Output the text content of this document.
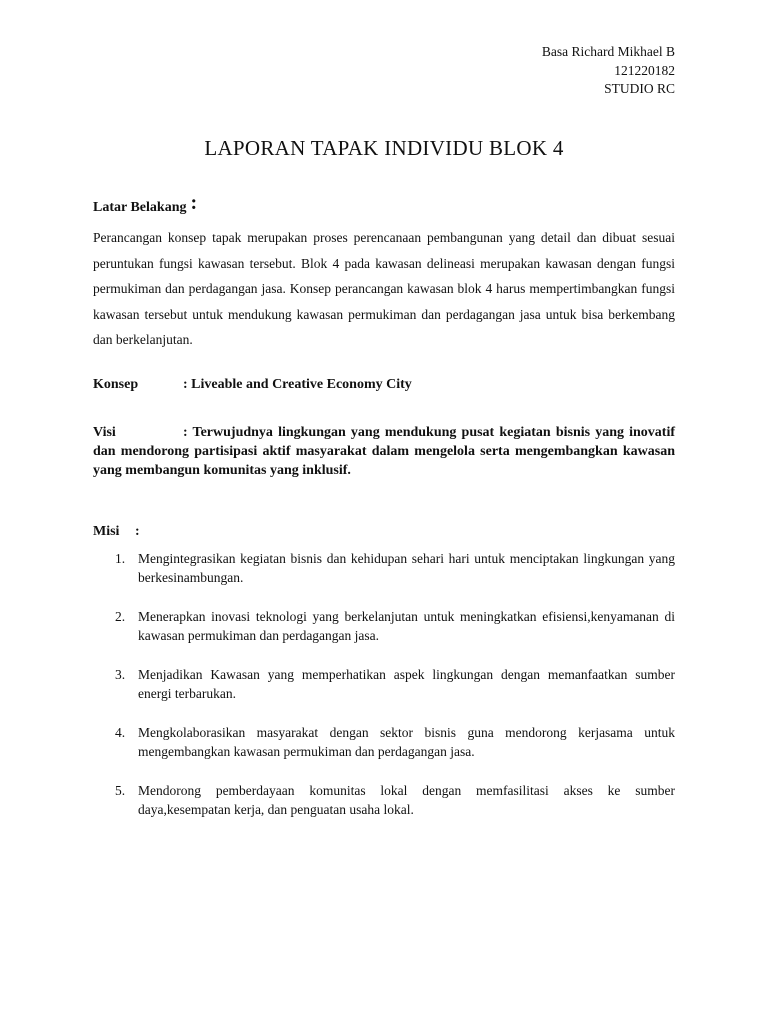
Basa Richard Mikhael B
121220182
STUDIO RC
LAPORAN TAPAK INDIVIDU BLOK 4
Latar Belakang :

Perancangan konsep tapak merupakan proses perencanaan pembangunan yang detail dan dibuat sesuai peruntukan fungsi kawasan tersebut. Blok 4 pada kawasan delineasi merupakan kawasan dengan fungsi permukiman dan perdagangan jasa. Konsep perancangan kawasan blok 4 harus mempertimbangkan fungsi kawasan tersebut untuk mendukung kawasan permukiman dan perdagangan jasa untuk bisa berkembang dan berkelanjutan.

Konsep	: Liveable and Creative Economy City
Visi	: Terwujudnya lingkungan yang mendukung pusat kegiatan bisnis yang inovatif dan mendorong partisipasi aktif masyarakat dalam mengelola serta mengembangkan kawasan yang membangun komunitas yang inklusif.
Misi :
1. Mengintegrasikan kegiatan bisnis dan kehidupan sehari hari untuk menciptakan lingkungan yang berkesinambungan.
2. Menerapkan inovasi teknologi yang berkelanjutan untuk meningkatkan efisiensi,kenyamanan di kawasan permukiman dan perdagangan jasa.
3. Menjadikan Kawasan yang memperhatikan aspek lingkungan dengan memanfaatkan sumber energi terbarukan.
4. Mengkolaborasikan masyarakat dengan sektor bisnis guna mendorong kerjasama untuk mengembangkan kawasan permukiman dan perdagangan jasa.
5. Mendorong pemberdayaan komunitas lokal dengan memfasilitasi akses ke sumber daya,kesempatan kerja, dan penguatan usaha lokal.
